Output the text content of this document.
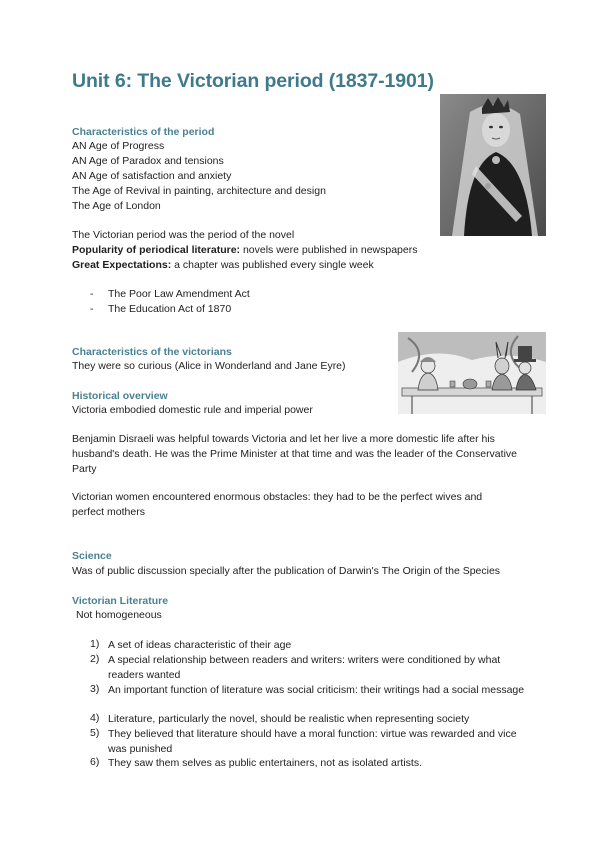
Unit 6: The Victorian period (1837-1901)

Characteristics of the period

AN Age of Progress

AN Age of Paradox and tensions

AN Age of satisfaction and anxiety

The Age of Revival in painting, architecture and design

The Age of London

The Victorian period was the period of the novel

Popularity of periodical literature: novels were published in newspapers

Great Expectations: a chapter was published every single week

- The Poor Law Amendment Act
- The Education Act of 1870

Characteristics of the victorians

They were so curious (Alice in Wonderland and Jane Eyre)

Historical overview

Victoria embodied domestic rule and imperial power

Benjamin Disraeli was helpful towards Victoria and let her live a more domestic life after his husband's death. He was the Prime Minister at that time and was the leader of the Conservative Party

Victorian women encountered enormous obstacles: they had to be the perfect wives and perfect mothers

Science

Was of public discussion specially after the publication of Darwin's The Origin of the Species

Victorian Literature

Not homogeneous

1) A set of ideas characteristic of their age
2) A special relationship between readers and writers: writers were conditioned by what readers wanted
3) An important function of literature was social criticism: their writings had a social message
4) Literature, particularly the novel, should be realistic when representing society
5) They believed that literature should have a moral function: virtue was rewarded and vice was punished
6) They saw them selves as public entertainers, not as isolated artists.
